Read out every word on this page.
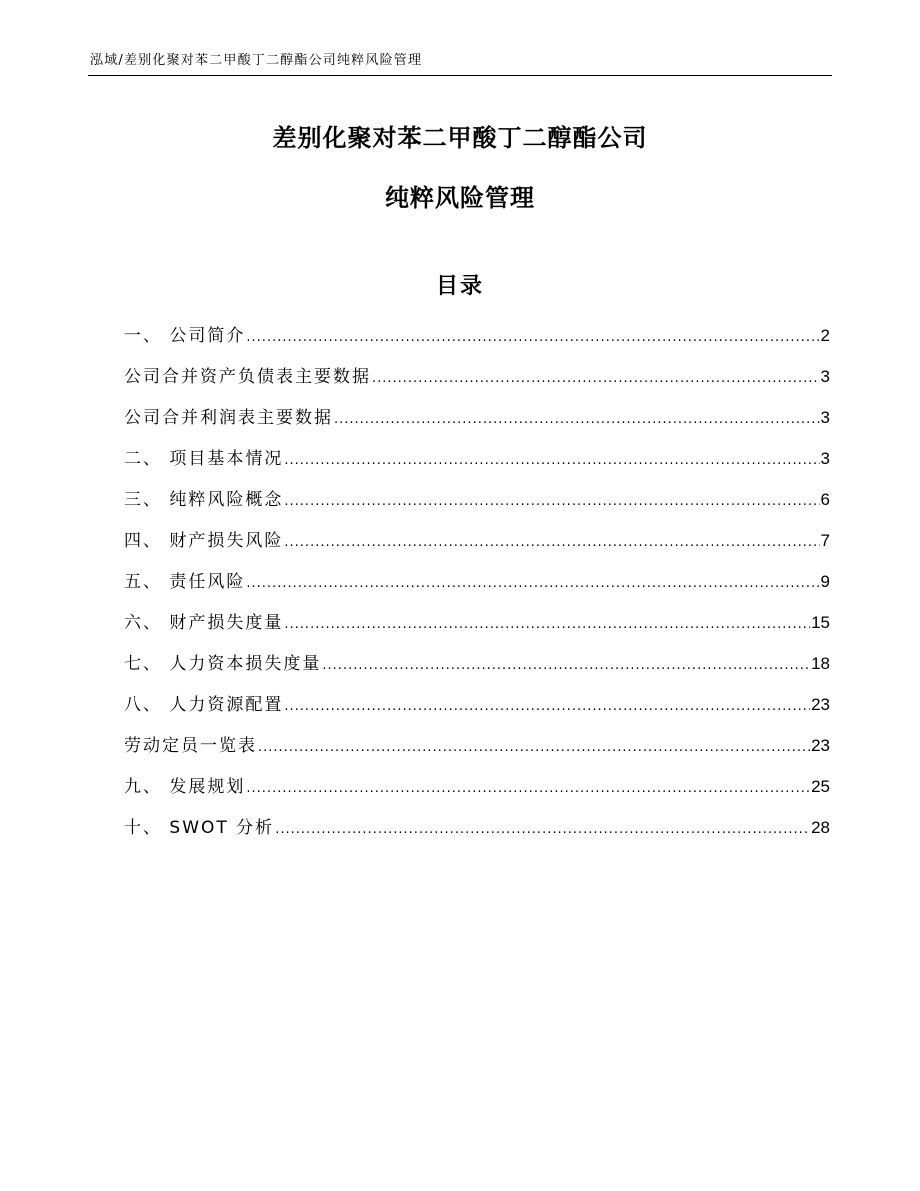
泓域/差别化聚对苯二甲酸丁二醇酯公司纯粹风险管理
差别化聚对苯二甲酸丁二醇酯公司
纯粹风险管理
目录
一、 公司简介 .....	2
公司合并资产负债表主要数据 .....	3
公司合并利润表主要数据 .....	3
二、 项目基本情况 .....	3
三、 纯粹风险概念 .....	6
四、 财产损失风险 .....	7
五、 责任风险 .....	9
六、 财产损失度量 .....	15
七、 人力资本损失度量 .....	18
八、 人力资源配置 .....	23
劳动定员一览表 .....	23
九、 发展规划 .....	25
十、 SWOT 分析 .....	28
